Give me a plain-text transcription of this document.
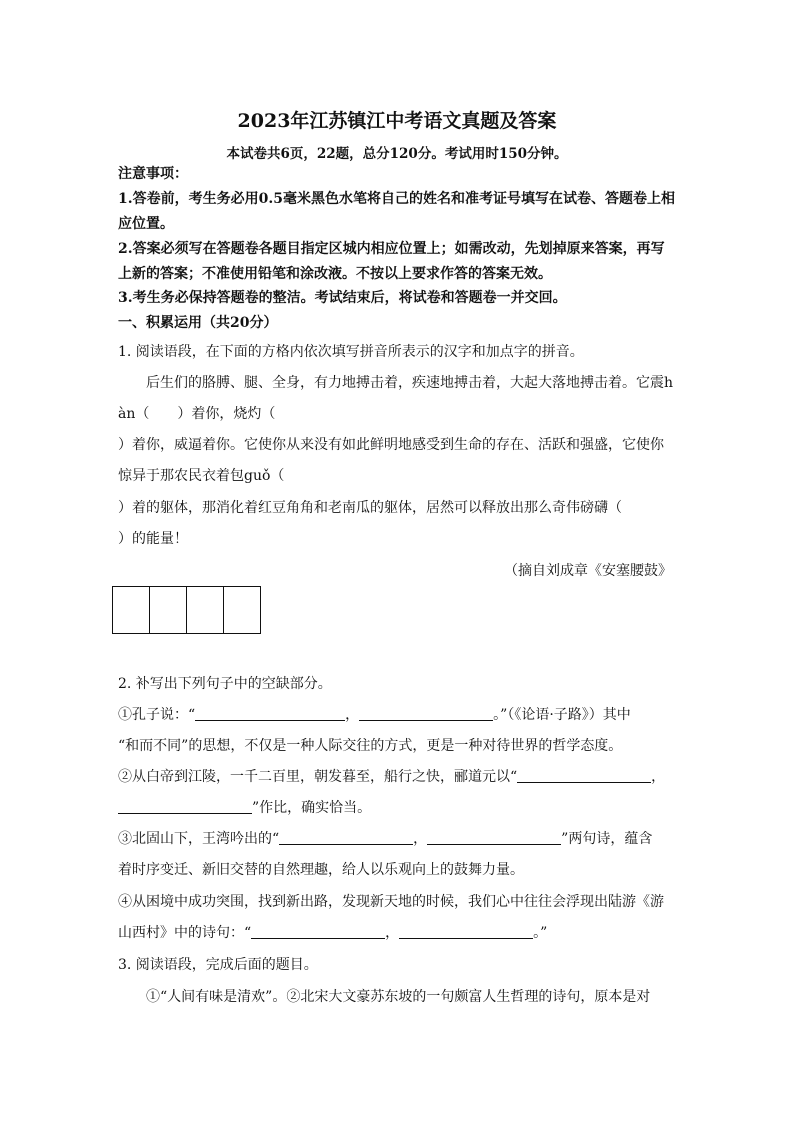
2023年江苏镇江中考语文真题及答案
本试卷共6页，22题，总分120分。考试用时150分钟。
注意事项：
1.答卷前，考生务必用0.5毫米黑色水笔将自己的姓名和准考证号填写在试卷、答题卷上相
应位置。
2.答案必须写在答题卷各题目指定区城内相应位置上；如需改动，先划掉原来答案，再写
上新的答案；不准使用铅笔和涂改液。不按以上要求作答的答案无效。
3.考生务必保持答题卷的整洁。考试结束后，将试卷和答题卷一并交回。
一、积累运用（共20分）
1. 阅读语段，在下面的方格内依次填写拼音所表示的汉字和加点字的拼音。
后生们的胳膊、腿、全身，有力地搏击着，疾速地搏击着，大起大落地搏击着。它震h
àn（　　）着你，烧灼（
）着你，威逼着你。它使你从来没有如此鲜明地感受到生命的存在、活跃和强盛，它使你
惊异于那农民衣着包guǒ（
）着的躯体，那消化着红豆角角和老南瓜的躯体，居然可以释放出那么奇伟磅礴（
）的能量！
（摘自刘成章《安塞腰鼓》
2. 补写出下列句子中的空缺部分。
①孔子说：“	，	。”（《论语·子路》）其中
“和而不同”的思想，不仅是一种人际交往的方式，更是一种对待世界的哲学态度。
②从白帝到江陵，一千二百里，朝发暮至，船行之快，郦道元以“	，
”作比，确实恰当。
③北固山下，王湾吟出的“	，	”两句诗，蕴含
着时序变迁、新旧交替的自然理趣，给人以乐观向上的鼓舞力量。
④从困境中成功突围，找到新出路，发现新天地的时候，我们心中往往会浮现出陆游《游
山西村》中的诗句：“	，	。”
3. 阅读语段，完成后面的题目。
①“人间有味是清欢”。②北宋大文豪苏东坡的一句颇富人生哲理的诗句，原本是对
